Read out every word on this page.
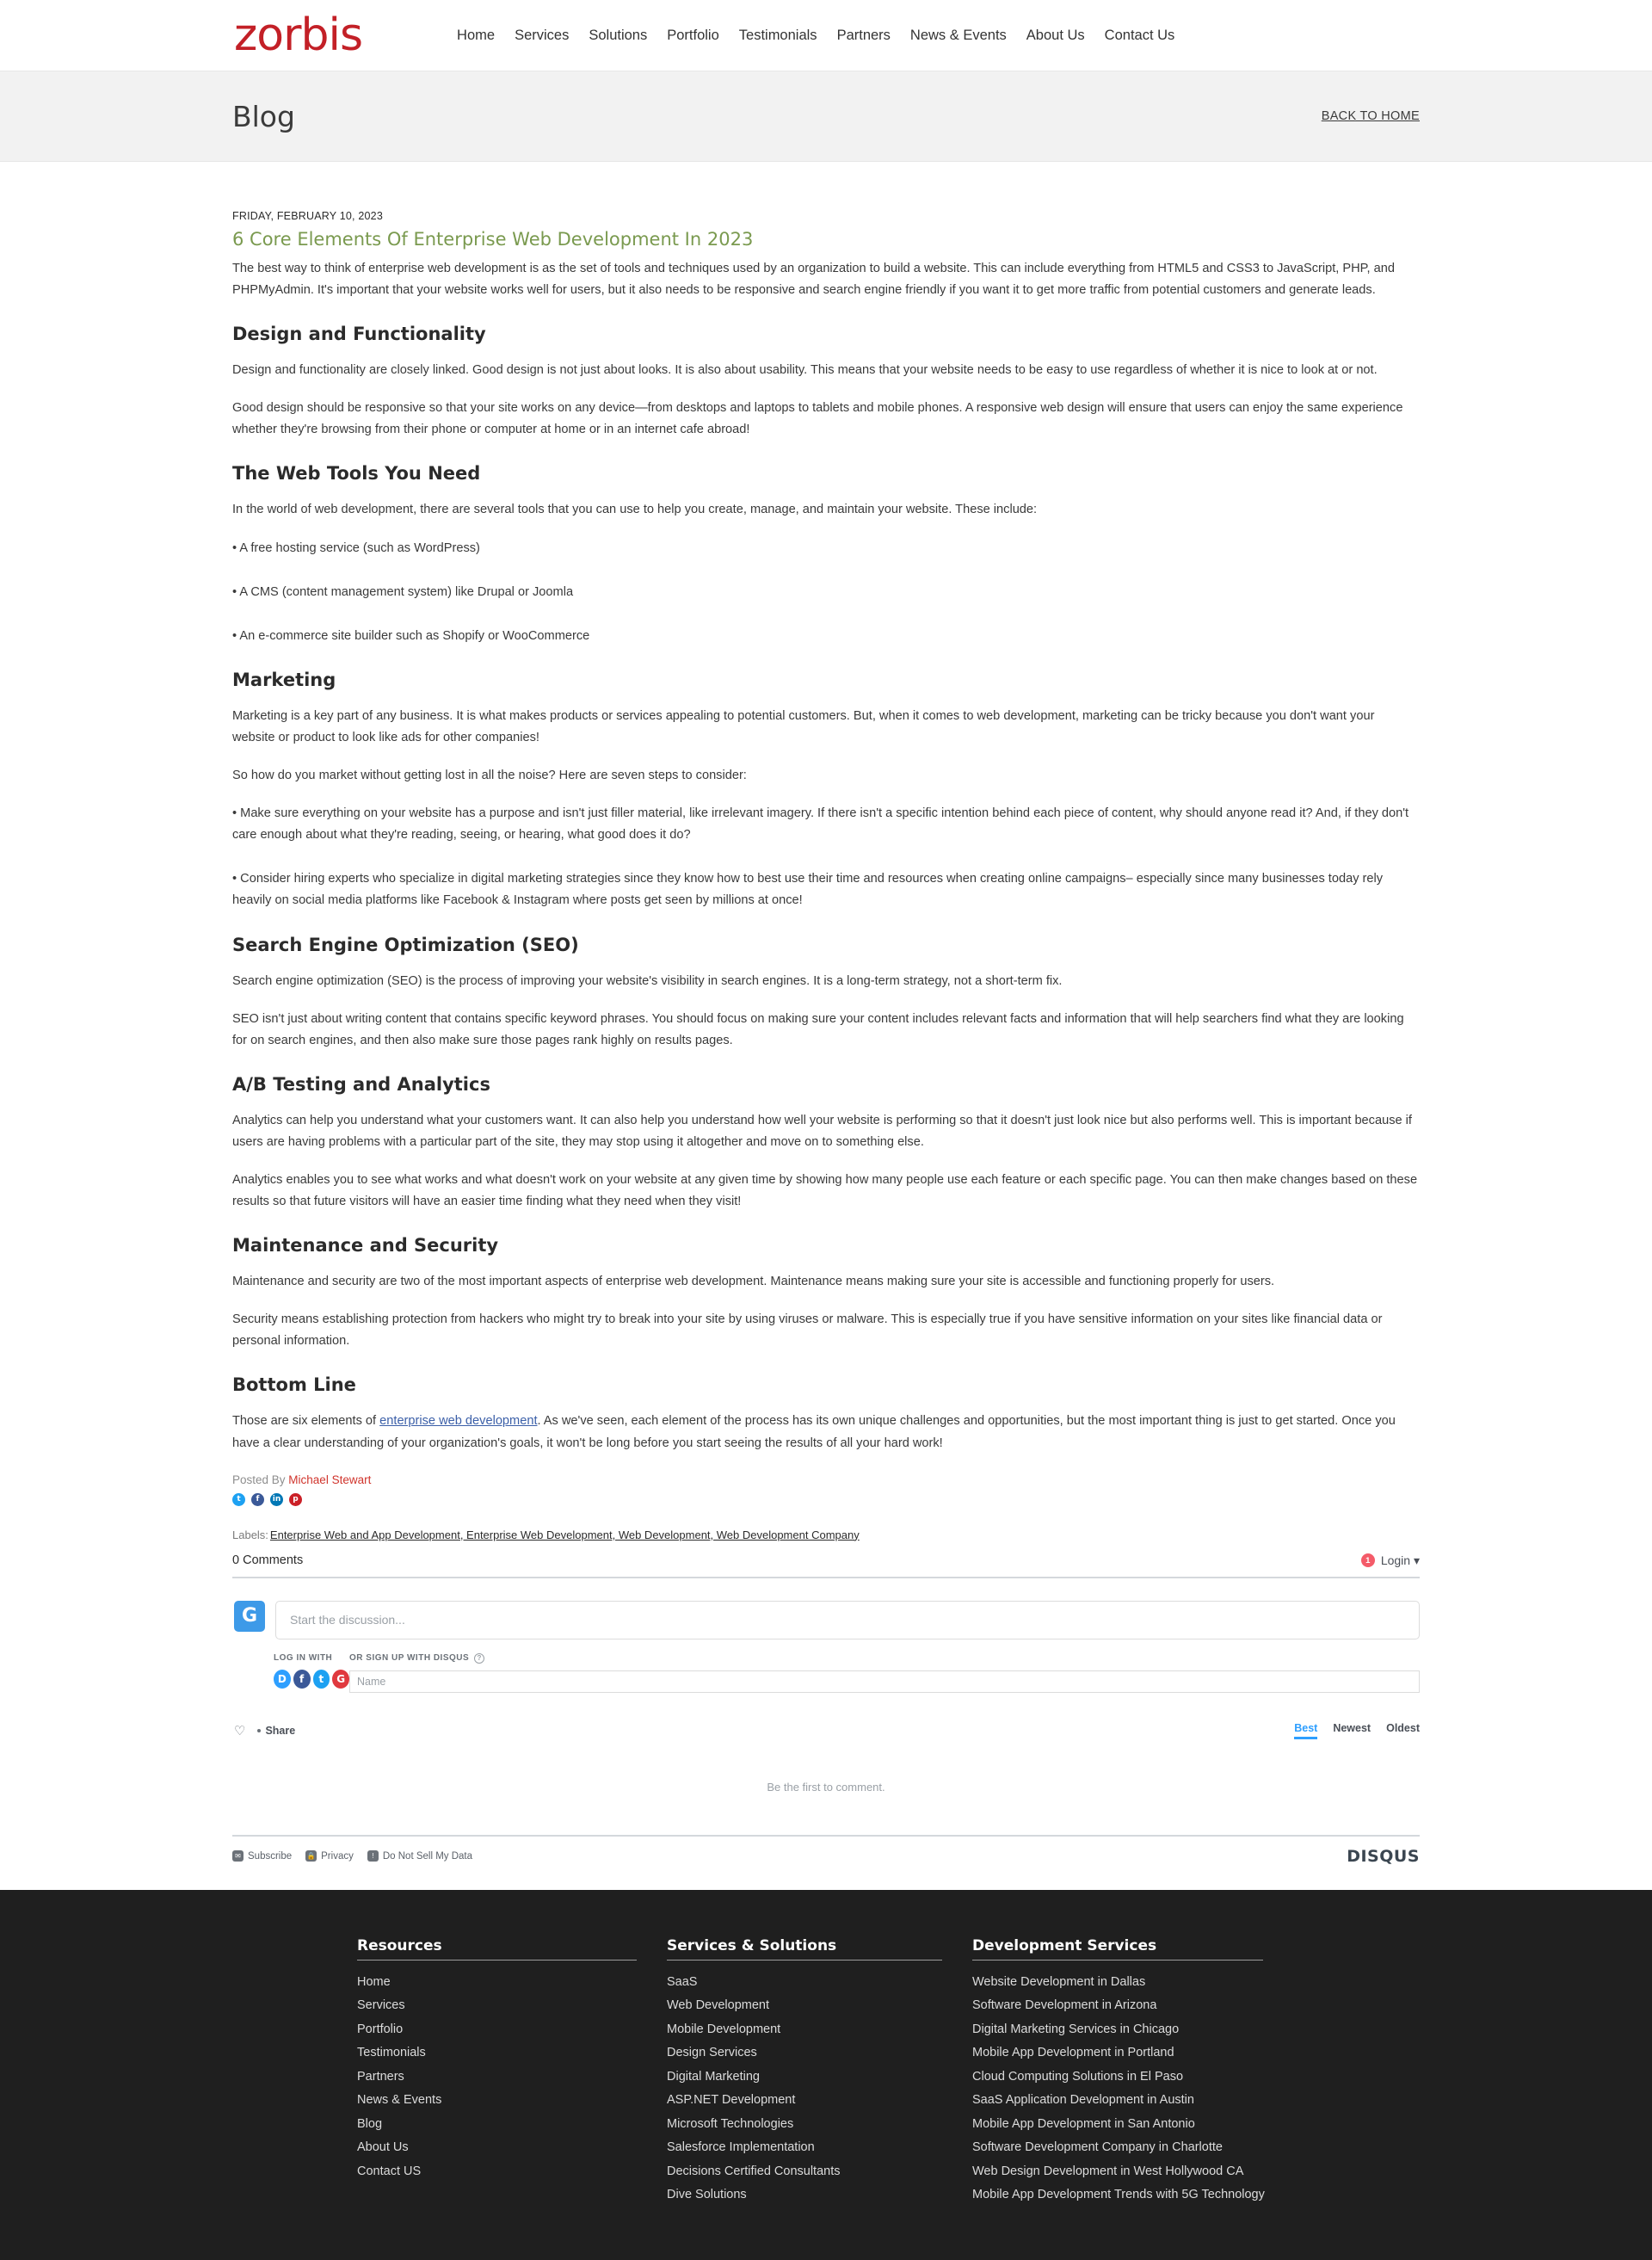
zorbis	Home Services Solutions Portfolio Testimonials Partners News & Events About Us Contact Us
Blog	BACK TO HOME
FRIDAY, FEBRUARY 10, 2023
6 Core Elements Of Enterprise Web Development In 2023

The best way to think of enterprise web development is as the set of tools and techniques used by an organization to build a website. This can include everything from HTML5 and CSS3 to JavaScript, PHP, and PHPMyAdmin. It's important that your website works well for users, but it also needs to be responsive and search engine friendly if you want it to get more traffic from potential customers and generate leads.

Design and Functionality

Design and functionality are closely linked. Good design is not just about looks. It is also about usability. This means that your website needs to be easy to use regardless of whether it is nice to look at or not.

Good design should be responsive so that your site works on any device—from desktops and laptops to tablets and mobile phones. A responsive web design will ensure that users can enjoy the same experience whether they're browsing from their phone or computer at home or in an internet cafe abroad!

The Web Tools You Need

In the world of web development, there are several tools that you can use to help you create, manage, and maintain your website. These include:

• A free hosting service (such as WordPress)

• A CMS (content management system) like Drupal or Joomla

• An e-commerce site builder such as Shopify or WooCommerce

Marketing

Marketing is a key part of any business. It is what makes products or services appealing to potential customers. But, when it comes to web development, marketing can be tricky because you don't want your website or product to look like ads for other companies!

So how do you market without getting lost in all the noise? Here are seven steps to consider:

• Make sure everything on your website has a purpose and isn't just filler material, like irrelevant imagery. If there isn't a specific intention behind each piece of content, why should anyone read it? And, if they don't care enough about what they're reading, seeing, or hearing, what good does it do?

• Consider hiring experts who specialize in digital marketing strategies since they know how to best use their time and resources when creating online campaigns– especially since many businesses today rely heavily on social media platforms like Facebook & Instagram where posts get seen by millions at once!

Search Engine Optimization (SEO)

Search engine optimization (SEO) is the process of improving your website's visibility in search engines. It is a long-term strategy, not a short-term fix.

SEO isn't just about writing content that contains specific keyword phrases. You should focus on making sure your content includes relevant facts and information that will help searchers find what they are looking for on search engines, and then also make sure those pages rank highly on results pages.

A/B Testing and Analytics

Analytics can help you understand what your customers want. It can also help you understand how well your website is performing so that it doesn't just look nice but also performs well. This is important because if users are having problems with a particular part of the site, they may stop using it altogether and move on to something else.

Analytics enables you to see what works and what doesn't work on your website at any given time by showing how many people use each feature or each specific page. You can then make changes based on these results so that future visitors will have an easier time finding what they need when they visit!

Maintenance and Security

Maintenance and security are two of the most important aspects of enterprise web development. Maintenance means making sure your site is accessible and functioning properly for users.

Security means establishing protection from hackers who might try to break into your site by using viruses or malware. This is especially true if you have sensitive information on your sites like financial data or personal information.

Bottom Line

Those are six elements of enterprise web development. As we've seen, each element of the process has its own unique challenges and opportunities, but the most important thing is just to get started. Once you have a clear understanding of your organization's goals, it won't be long before you start seeing the results of all your hard work!

Posted By Michael Stewart
t	f	in	p
Labels: Enterprise Web and App Development, Enterprise Web Development, Web Development, Web Development Company
0 Comments	1 Login ▾
G	Start the discussion...
LOG IN WITH
D	f	t	G
OR SIGN UP WITH DISQUS	?
Name
♡ Share	Best Newest Oldest
Be the first to comment.
✉ Subscribe 🔒 Privacy	! Do Not Sell My Data	DISQUS
Resources
Home
Services
Portfolio
Testimonials
Partners
News & Events
Blog
About Us
Contact US
Services & Solutions
SaaS
Web Development
Mobile Development
Design Services
Digital Marketing
ASP.NET Development
Microsoft Technologies
Salesforce Implementation
Decisions Certified Consultants
Dive Solutions
Development Services
Website Development in Dallas
Software Development in Arizona
Digital Marketing Services in Chicago
Mobile App Development in Portland
Cloud Computing Solutions in El Paso
SaaS Application Development in Austin
Mobile App Development in San Antonio
Software Development Company in Charlotte
Web Design Development in West Hollywood CA
Mobile App Development Trends with 5G Technology
